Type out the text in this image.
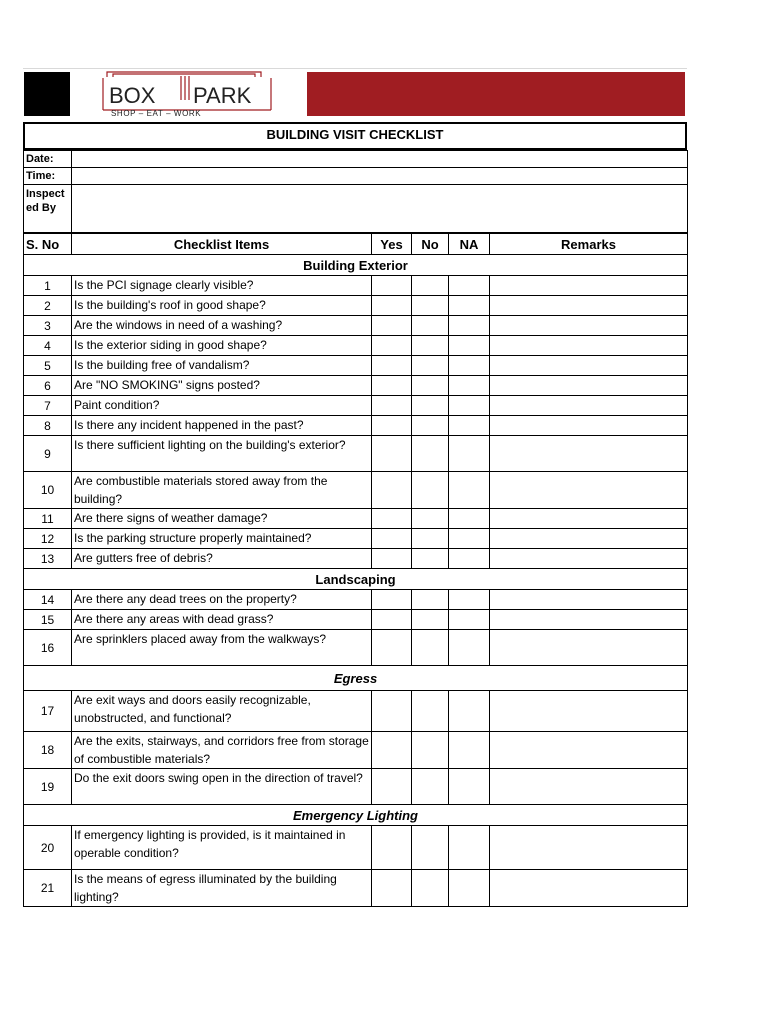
BOX PARK
SHOP – EAT – WORK
BUILDING VISIT CHECKLIST
Date:	
Time:	
Inspected By	
S. No	Checklist Items	Yes	No	NA	Remarks
Building Exterior					
1	Is the PCI signage clearly visible?				
2	Is the building's roof in good shape?				
3	Are the windows in need of a washing?				
4	Is the exterior siding in good shape?				
5	Is the building free of vandalism?				
6	Are "NO SMOKING" signs posted?				
7	Paint condition?				
8	Is there any incident happened in the past?				
9	Is there sufficient lighting on the building's exterior?				
10	Are combustible materials stored away from the building?				
11	Are there signs of weather damage?				
12	Is the parking structure properly maintained?				
13	Are gutters free of debris?				
Landscaping					
14	Are there any dead trees on the property?				
15	Are there any areas with dead grass?				
16	Are sprinklers placed away from the walkways?				
Egress					
17	Are exit ways and doors easily recognizable, unobstructed, and functional?				
18	Are the exits, stairways, and corridors free from storage of combustible materials?				
19	Do the exit doors swing open in the direction of travel?				
Emergency Lighting					
20	If emergency lighting is provided, is it maintained in operable condition?				
21	Is the means of egress illuminated by the building lighting?				
